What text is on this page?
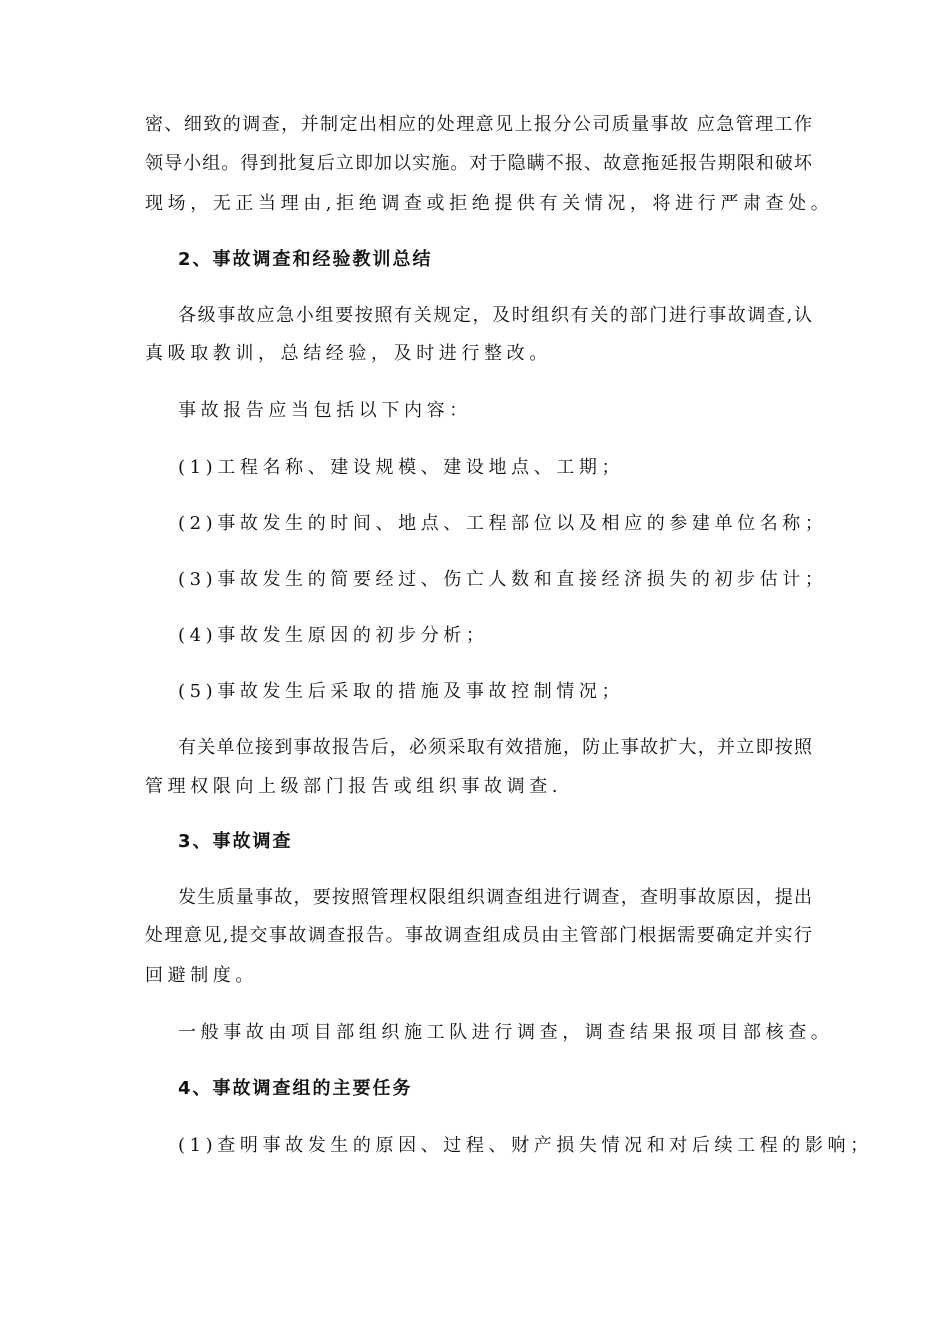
密、细致的调查，并制定出相应的处理意见上报分公司质量事故 应急管理工作
领导小组。得到批复后立即加以实施。对于隐瞒不报、故意拖延报告期限和破坏
现场，无正当理由,拒绝调查或拒绝提供有关情况，将进行严肃查处。
2、事故调查和经验教训总结
各级事故应急小组要按照有关规定，及时组织有关的部门进行事故调查,认
真吸取教训，总结经验，及时进行整改。
事故报告应当包括以下内容：
(1)工程名称、建设规模、建设地点、工期；
(2)事故发生的时间、地点、工程部位以及相应的参建单位名称；
(3)事故发生的简要经过、伤亡人数和直接经济损失的初步估计；
(4)事故发生原因的初步分析；
(5)事故发生后采取的措施及事故控制情况；
有关单位接到事故报告后，必须采取有效措施，防止事故扩大，并立即按照
管理权限向上级部门报告或组织事故调查.
3、事故调查
发生质量事故，要按照管理权限组织调查组进行调查，查明事故原因，提出
处理意见,提交事故调查报告。事故调查组成员由主管部门根据需要确定并实行
回避制度。
一般事故由项目部组织施工队进行调查，调查结果报项目部核查。
4、事故调查组的主要任务
(1)查明事故发生的原因、过程、财产损失情况和对后续工程的影响；
